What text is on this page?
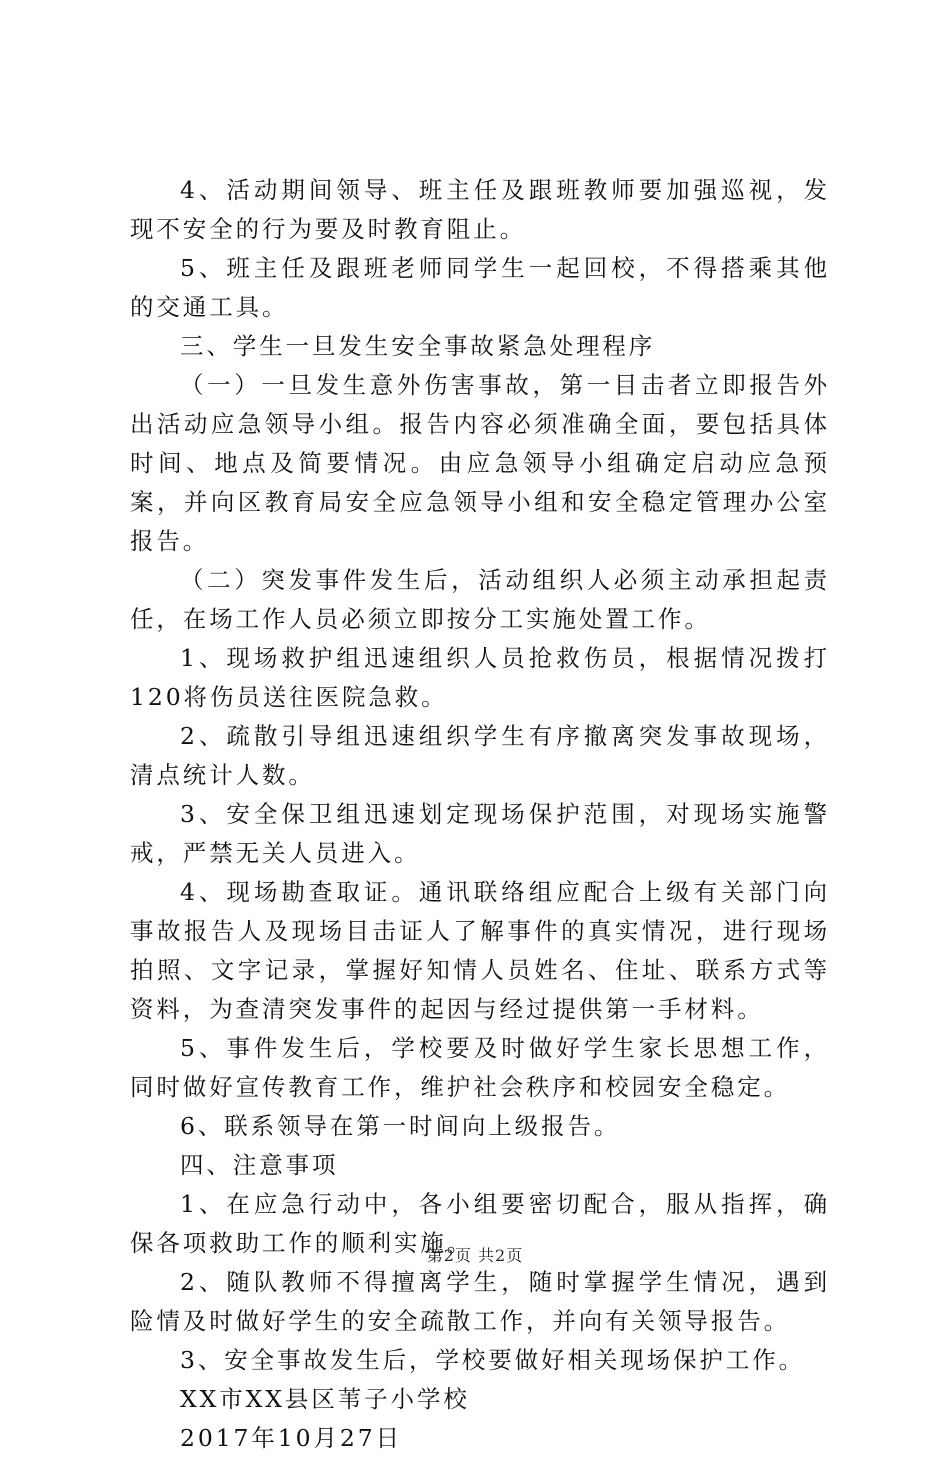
4、活动期间领导、班主任及跟班教师要加强巡视，发现不安全的行为要及时教育阻止。

5、班主任及跟班老师同学生一起回校，不得搭乘其他的交通工具。

三、学生一旦发生安全事故紧急处理程序

（一）一旦发生意外伤害事故，第一目击者立即报告外出活动应急领导小组。报告内容必须准确全面，要包括具体时间、地点及简要情况。由应急领导小组确定启动应急预案，并向区教育局安全应急领导小组和安全稳定管理办公室报告。

（二）突发事件发生后，活动组织人必须主动承担起责任，在场工作人员必须立即按分工实施处置工作。

1、现场救护组迅速组织人员抢救伤员，根据情况拨打120将伤员送往医院急救。

2、疏散引导组迅速组织学生有序撤离突发事故现场，清点统计人数。

3、安全保卫组迅速划定现场保护范围，对现场实施警戒，严禁无关人员进入。

4、现场勘查取证。通讯联络组应配合上级有关部门向事故报告人及现场目击证人了解事件的真实情况，进行现场拍照、文字记录，掌握好知情人员姓名、住址、联系方式等资料，为查清突发事件的起因与经过提供第一手材料。

5、事件发生后，学校要及时做好学生家长思想工作，同时做好宣传教育工作，维护社会秩序和校园安全稳定。

6、联系领导在第一时间向上级报告。

四、注意事项

1、在应急行动中，各小组要密切配合，服从指挥，确保各项救助工作的顺利实施。

2、随队教师不得擅离学生，随时掌握学生情况，遇到险情及时做好学生的安全疏散工作，并向有关领导报告。

3、安全事故发生后，学校要做好相关现场保护工作。

XX市XX县区苇子小学校

2017年10月27日

第2页 共2页
